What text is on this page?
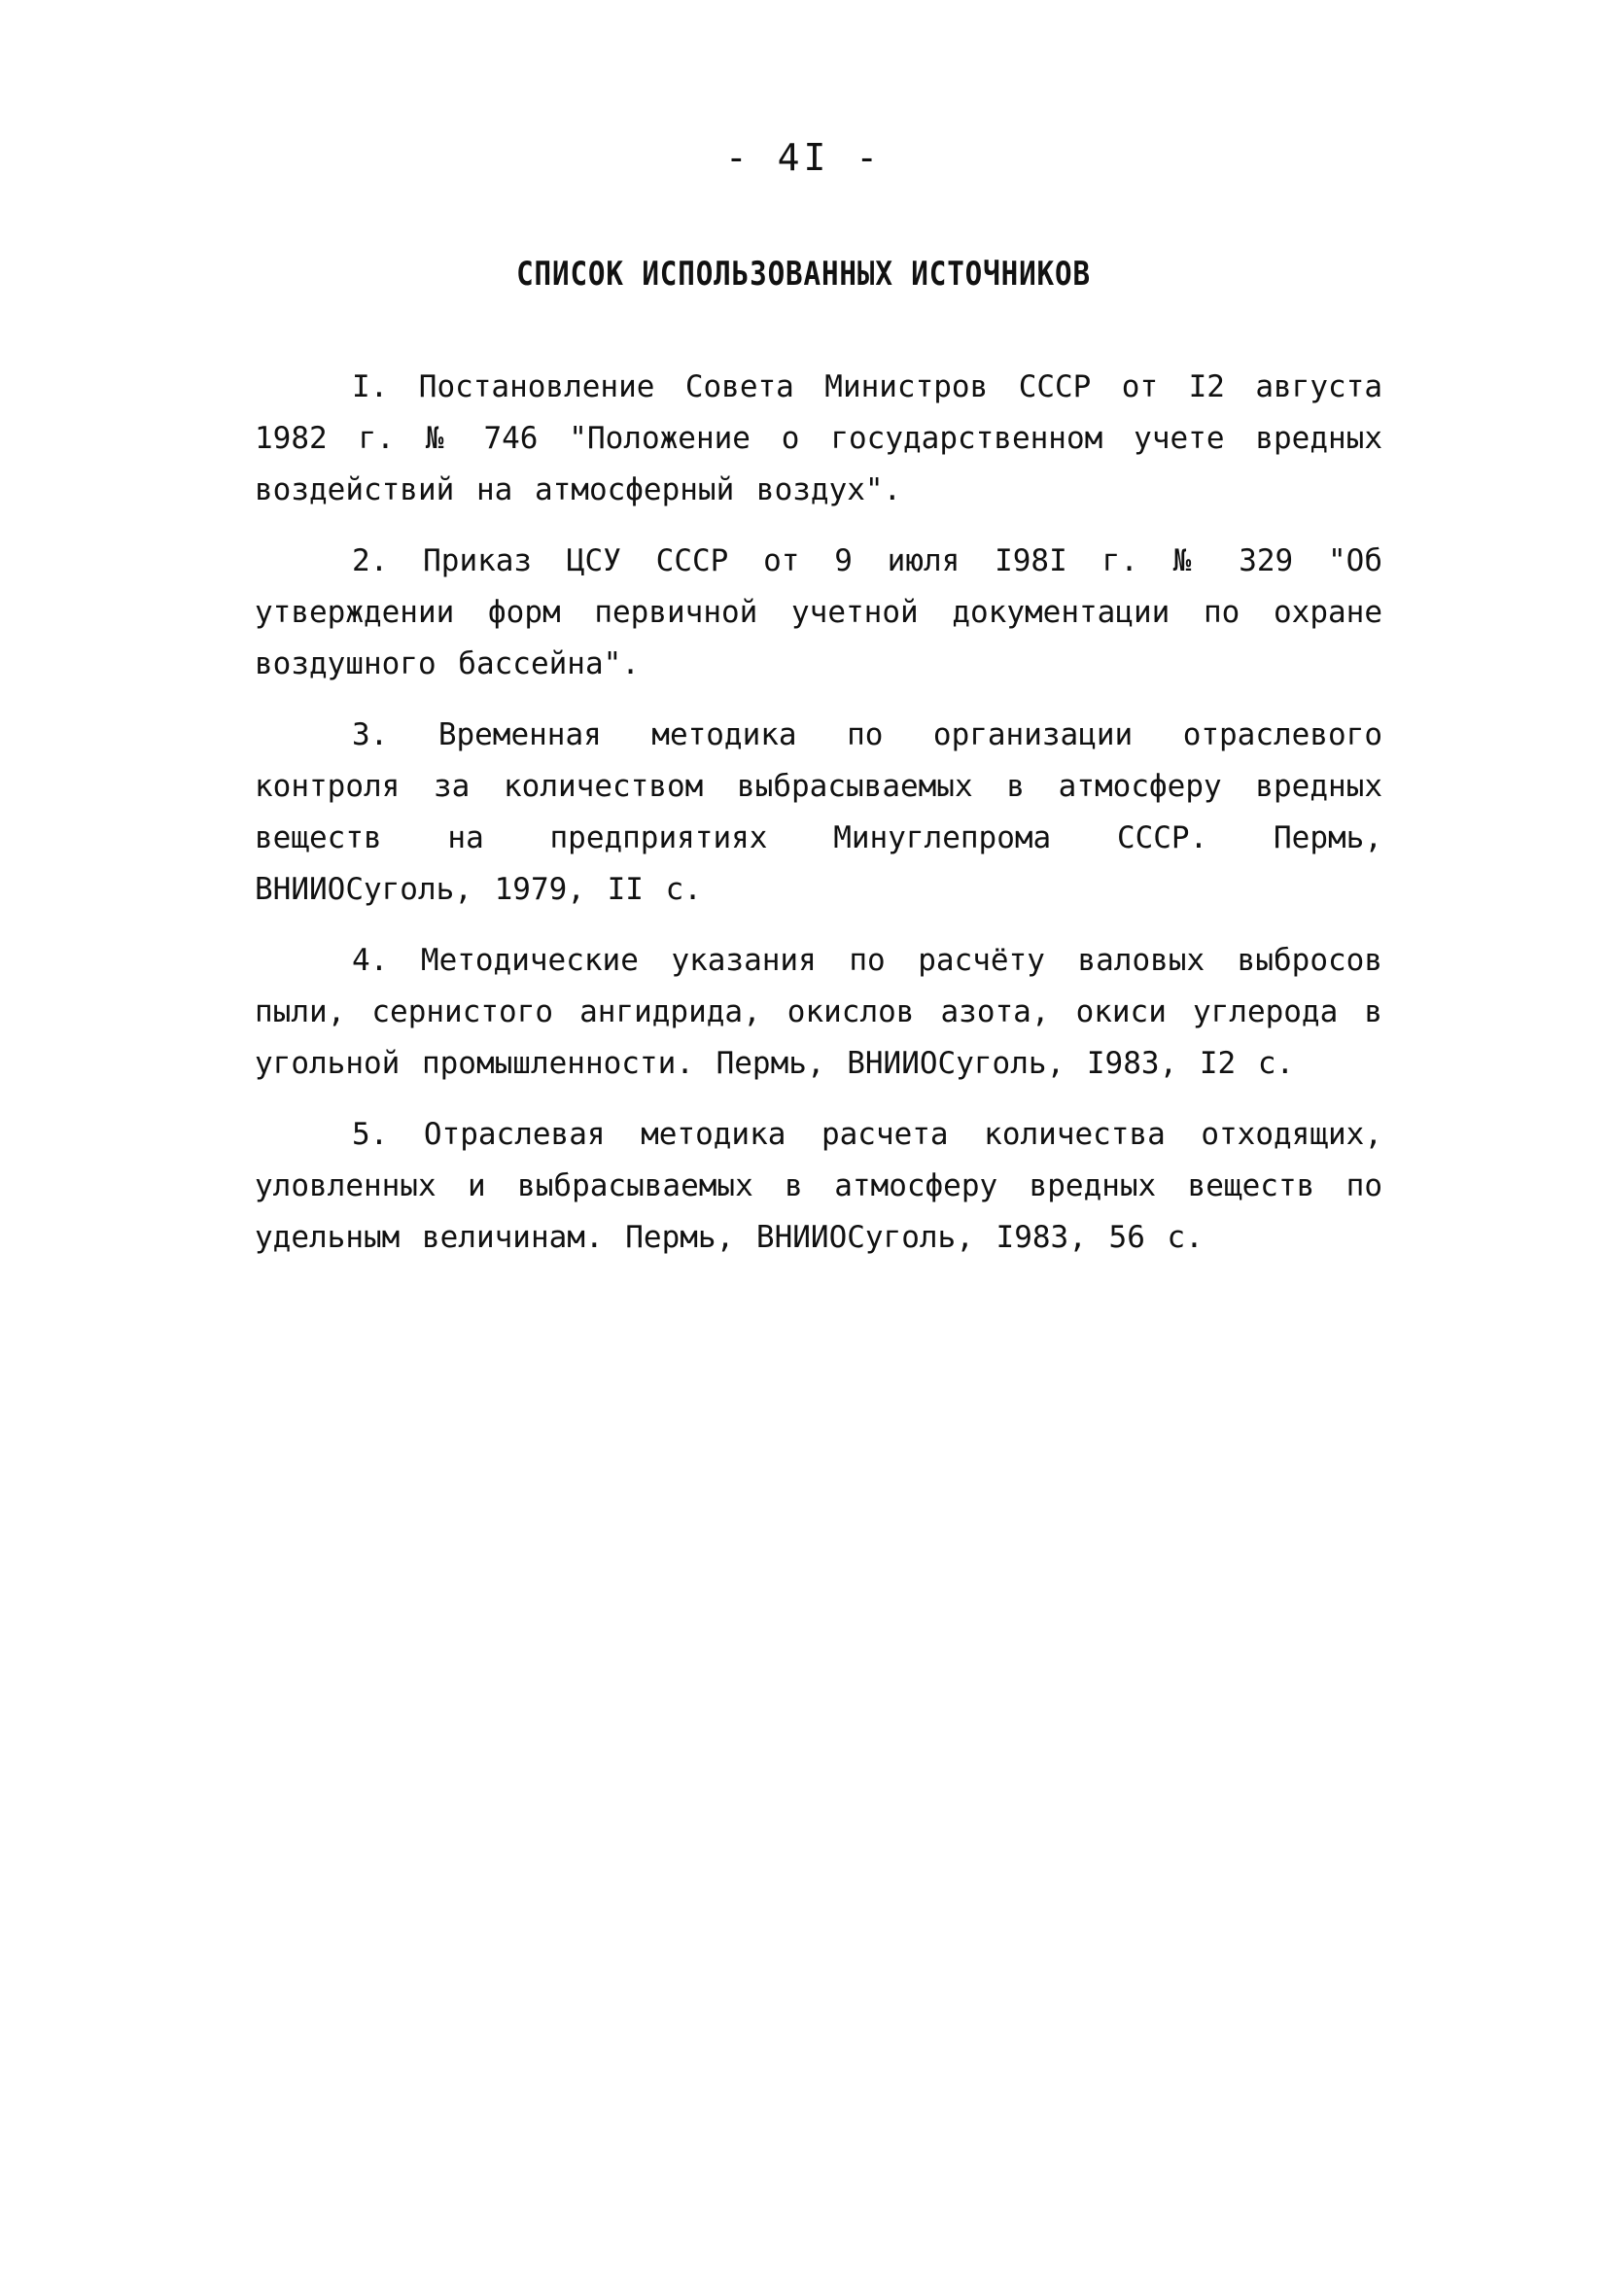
- 4I -
СПИСОК ИСПОЛЬЗОВАННЫХ ИСТОЧНИКОВ

I. Постановление Совета Министров СССР от I2 августа 1982 г. № 746 "Положение о государственном учете вредных воздействий на атмосферный воздух".

2. Приказ ЦСУ СССР от 9 июля I98I г. № 329 "Об утверждении форм первичной учетной документации по охране воздушного бассейна".

3. Временная методика по организации отраслевого контроля за количеством выбрасываемых в атмосферу вредных веществ на предприятиях Минуглепрома СССР. Пермь, ВНИИОСуголь, 1979, II с.

4. Методические указания по расчёту валовых выбросов пыли, сернистого ангидрида, окислов азота, окиси углерода в угольной промышленности. Пермь, ВНИИОСуголь, I983, I2 с.

5. Отраслевая методика расчета количества отходящих, уловленных и выбрасываемых в атмосферу вредных веществ по удельным величинам. Пермь, ВНИИОСуголь, I983, 56 с.
